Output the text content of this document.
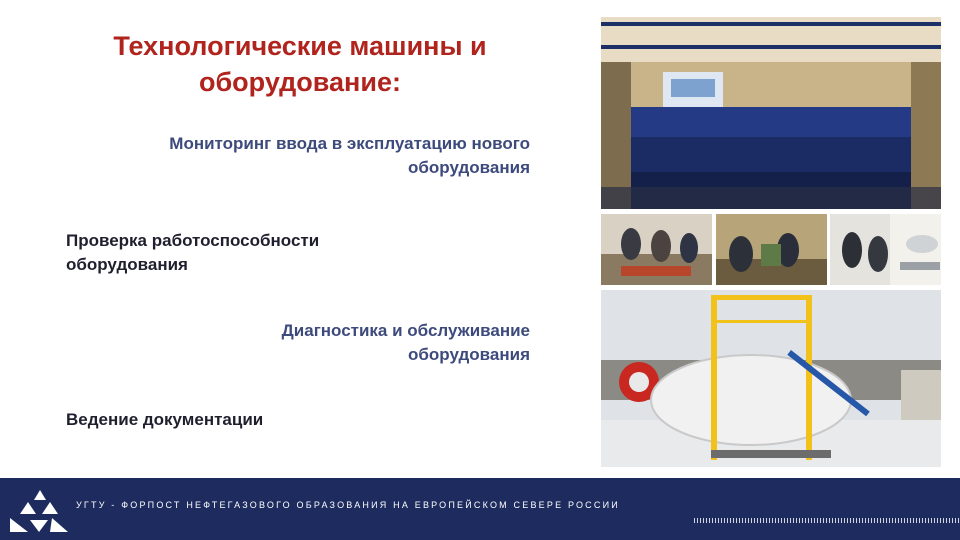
Технологические машины и
оборудование:
Мониторинг ввода в эксплуатацию нового
оборудования
Проверка работоспособности
оборудования
Диагностика и обслуживание
оборудования
Ведение документации
УГТУ - ФОРПОСТ НЕФТЕГАЗОВОГО ОБРАЗОВАНИЯ НА ЕВРОПЕЙСКОМ СЕВЕРЕ РОССИИ
